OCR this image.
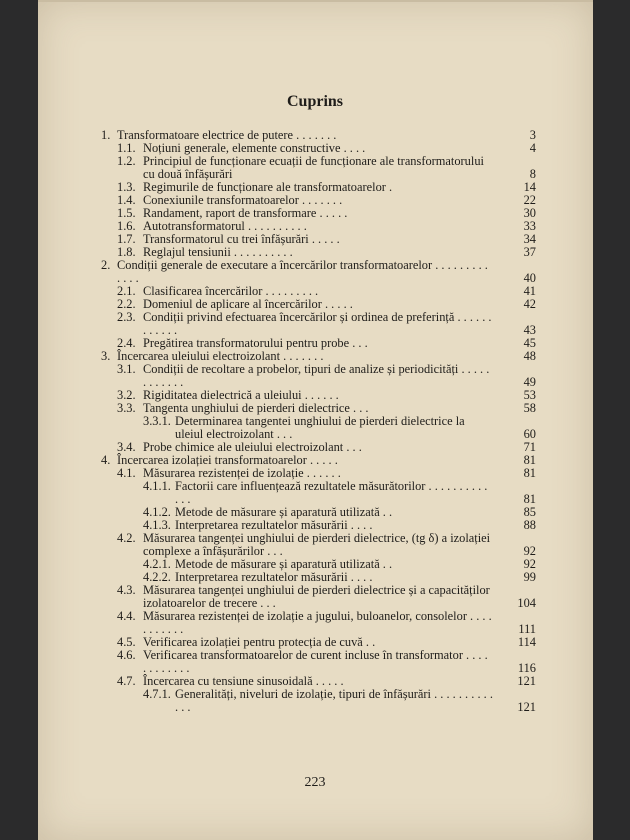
Cuprins
1. Transformatoare electrice de putere . . . . . . .	3
1.1. Noțiuni generale, elemente constructive . . . .	4
1.2. Principiul de funcționare ecuații de funcționare ale transformatorului cu două înfășurări	8
1.3. Regimurile de funcționare ale transformatoarelor .	14
1.4. Conexiunile transformatoarelor . . . . . . .	22
1.5. Randament, raport de transformare . . . . .	30
1.6. Autotransformatorul . . . . . . . . . .	33
1.7. Transformatorul cu trei înfășurări . . . . .	34
1.8. Reglajul tensiunii . . . . . . . . . .	37
2. Condiții generale de executare a încercărilor transformatoarelor . . . . . . . . . . . . .	40
2.1. Clasificarea încercărilor . . . . . . . . .	41
2.2. Domeniul de aplicare al încercărilor . . . . .	42
2.3. Condiții privind efectuarea încercărilor și ordinea de preferință . . . . . . . . . . . .	43
2.4. Pregătirea transformatorului pentru probe . . .	45
3. Încercarea uleiului electroizolant . . . . . . .	48
3.1. Condiții de recoltare a probelor, tipuri de analize și periodicități . . . . . . . . . . . .	49
3.2. Rigiditatea dielectrică a uleiului . . . . . .	53
3.3. Tangenta unghiului de pierderi dielectrice . . .	58
3.3.1. Determinarea tangentei unghiului de pierderi dielectrice la uleiul electroizolant . . .	60
3.4. Probe chimice ale uleiului electroizolant . . .	71
4. Încercarea izolației transformatoarelor . . . . .	81
4.1. Măsurarea rezistenței de izolație . . . . . .	81
4.1.1. Factorii care influențează rezultatele măsurătorilor . . . . . . . . . . . . .	81
4.1.2. Metode de măsurare și aparatură utilizată . .	85
4.1.3. Interpretarea rezultatelor măsurării . . . .	88
4.2. Măsurarea tangenței unghiului de pierderi dielectrice, (tg δ) a izolației complexe a înfășurărilor . . .	92
4.2.1. Metode de măsurare și aparatură utilizată . .	92
4.2.2. Interpretarea rezultatelor măsurării . . . .	99
4.3. Măsurarea tangenței unghiului de pierderi dielectrice și a capacităților izolatoarelor de trecere . . .	104
4.4. Măsurarea rezistenței de izolație a jugului, buloanelor, consolelor . . . . . . . . . . .	111
4.5. Verificarea izolației pentru protecția de cuvă . .	114
4.6. Verificarea transformatoarelor de curent incluse în transformator . . . . . . . . . . . .	116
4.7. Încercarea cu tensiune sinusoidală . . . . .	121
4.7.1. Generalități, niveluri de izolație, tipuri de înfășurări . . . . . . . . . . . . .	121
223
